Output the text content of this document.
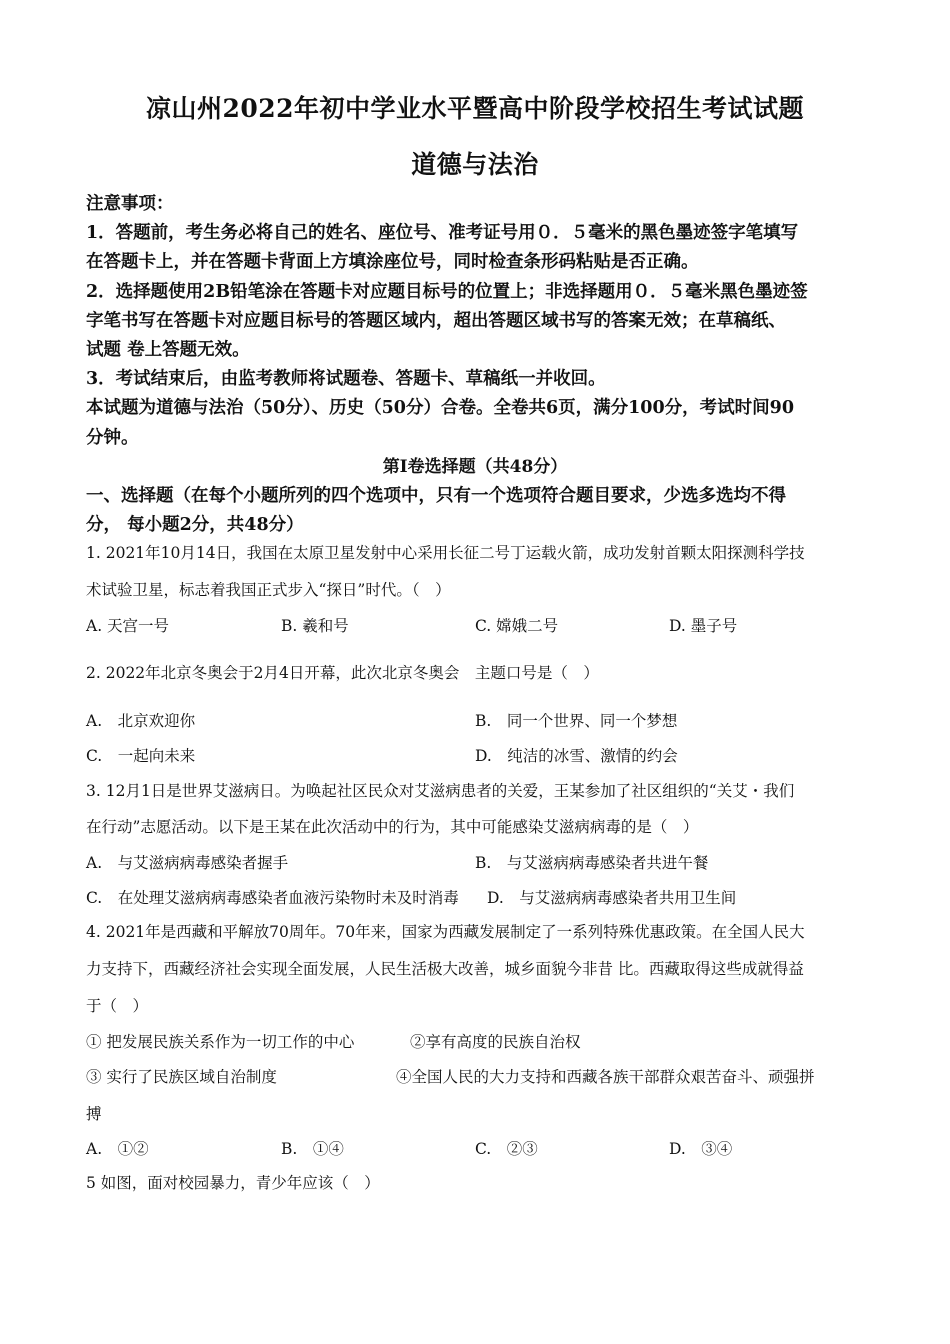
凉山州2022年初中学业水平暨高中阶段学校招生考试试题
道德与法治
注意事项：
1．答题前，考生务必将自己的姓名、座位号、准考证号用０．５毫米的黑色墨迹签字笔填写
在答题卡上，并在答题卡背面上方填涂座位号，同时检查条形码粘贴是否正确。
2．选择题使用2B铅笔涂在答题卡对应题目标号的位置上；非选择题用０．５毫米黑色墨迹签
字笔书写在答题卡对应题目标号的答题区域内，超出答题区域书写的答案无效；在草稿纸、
试题 卷上答题无效。
3．考试结束后，由监考教师将试题卷、答题卡、草稿纸一并收回。
本试题为道德与法治（50分）、历史（50分）合卷。全卷共6页，满分100分，考试时间90
分钟。
第I卷选择题（共48分）
一、选择题（在每个小题所列的四个选项中，只有一个选项符合题目要求，少选多选均不得
分， 每小题2分，共48分）
1. 2021年10月14日，我国在太原卫星发射中心采用长征二号丁运载火箭，成功发射首颗太阳探测科学技
术试验卫星，标志着我国正式步入“探日”时代。（　）
A. 天宫一号	B. 羲和号	C. 嫦娥二号	D. 墨子号
2. 2022年北京冬奥会于2月4日开幕，此次北京冬奥会　主题口号是（　）
A.　北京欢迎你	B.　同一个世界、同一个梦想
C.　一起向未来	D.　纯洁的冰雪、激情的约会
3. 12月1日是世界艾滋病日。为唤起社区民众对艾滋病患者的关爱，王某参加了社区组织的“关艾・我们
在行动”志愿活动。以下是王某在此次活动中的行为，其中可能感染艾滋病病毒的是（　）
A.　与艾滋病病毒感染者握手	B.　与艾滋病病毒感染者共进午餐
C.　在处理艾滋病病毒感染者血液污染物时未及时消毒 D.　与艾滋病病毒感染者共用卫生间
4. 2021年是西藏和平解放70周年。70年来，国家为西藏发展制定了一系列特殊优惠政策。在全国人民大
力支持下，西藏经济社会实现全面发展，人民生活极大改善，城乡面貌今非昔 比。西藏取得这些成就得益
于（　）
① 把发展民族关系作为一切工作的中心	②享有高度的民族自治权
③ 实行了民族区域自治制度	④全国人民的大力支持和西藏各族干部群众艰苦奋斗、顽强拼
搏
A.　①②	B.　①④	C.　②③	D.　③④
5 如图，面对校园暴力，青少年应该（　）
